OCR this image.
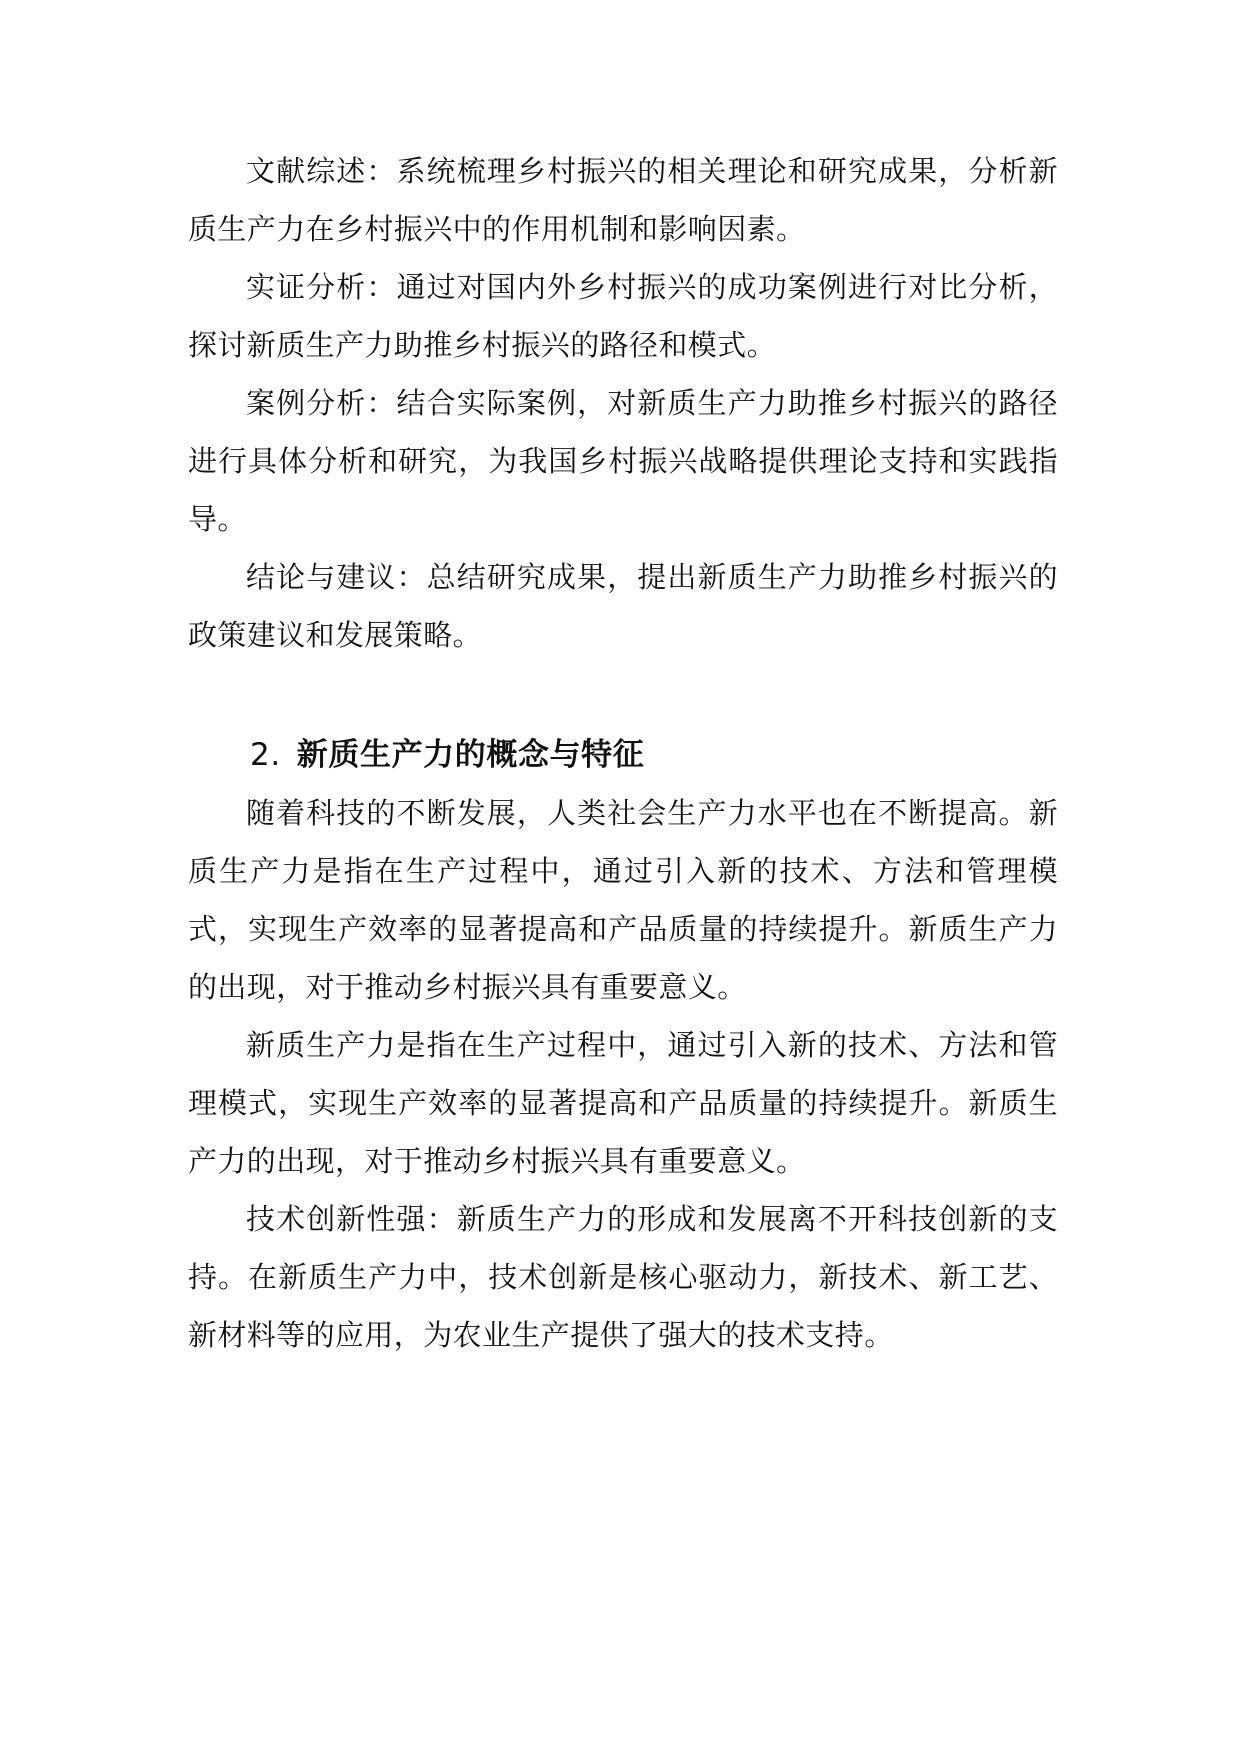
文献综述：系统梳理乡村振兴的相关理论和研究成果，分析新质生产力在乡村振兴中的作用机制和影响因素。

实证分析：通过对国内外乡村振兴的成功案例进行对比分析，探讨新质生产力助推乡村振兴的路径和模式。

案例分析：结合实际案例，对新质生产力助推乡村振兴的路径进行具体分析和研究，为我国乡村振兴战略提供理论支持和实践指导。

结论与建议：总结研究成果，提出新质生产力助推乡村振兴的政策建议和发展策略。

2. 新质生产力的概念与特征

随着科技的不断发展，人类社会生产力水平也在不断提高。新质生产力是指在生产过程中，通过引入新的技术、方法和管理模式，实现生产效率的显著提高和产品质量的持续提升。新质生产力的出现，对于推动乡村振兴具有重要意义。

新质生产力是指在生产过程中，通过引入新的技术、方法和管理模式，实现生产效率的显著提高和产品质量的持续提升。新质生产力的出现，对于推动乡村振兴具有重要意义。

技术创新性强：新质生产力的形成和发展离不开科技创新的支持。在新质生产力中，技术创新是核心驱动力，新技术、新工艺、新材料等的应用，为农业生产提供了强大的技术支持。
